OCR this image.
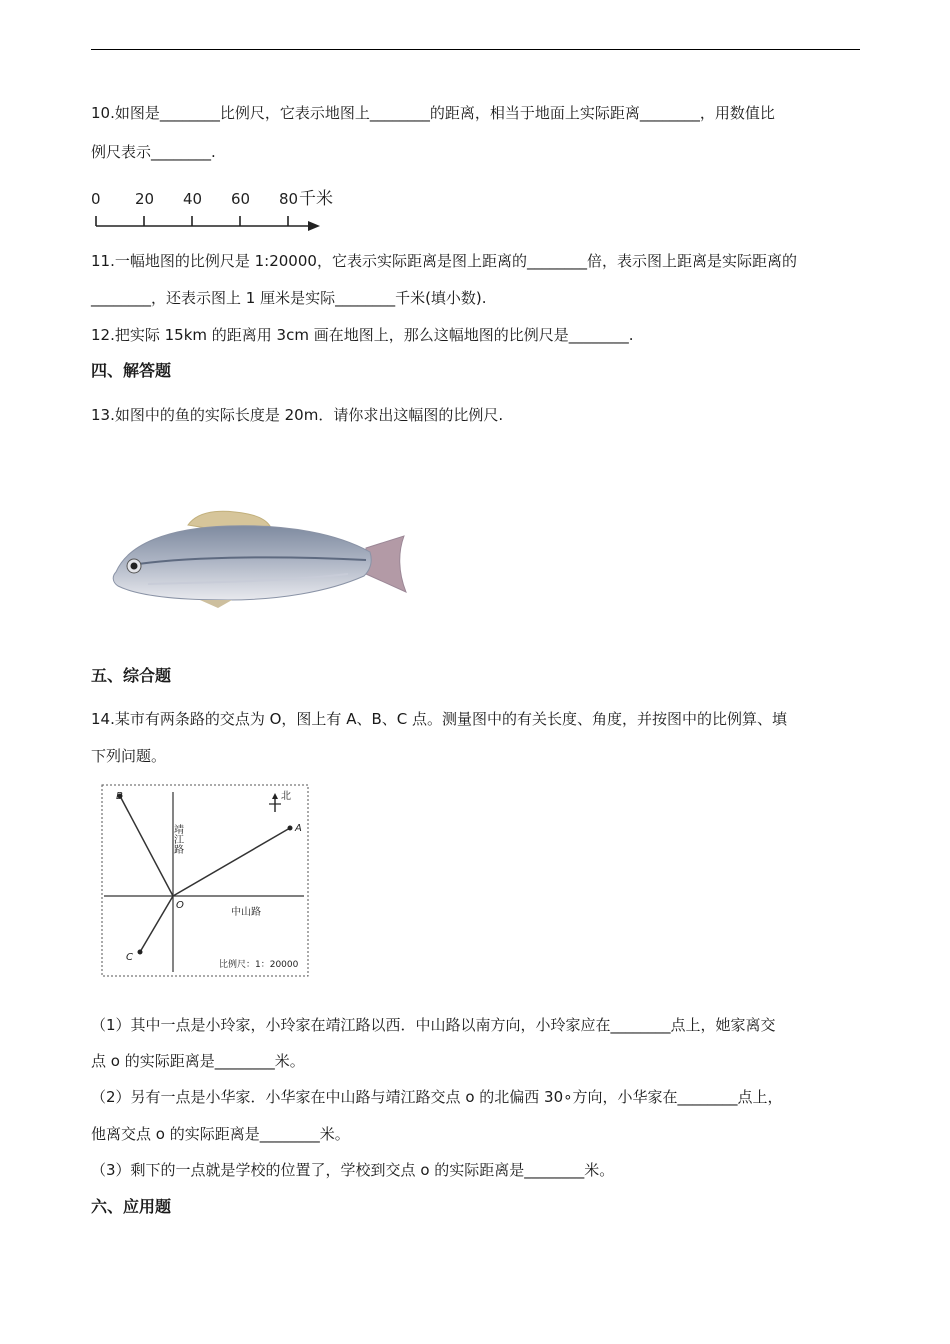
10.如图是________比例尺，它表示地图上________的距离，相当于地面上实际距离________，用数值比
例尺表示________.
0 20 40 60 80 千米
11.一幅地图的比例尺是 1:20000，它表示实际距离是图上距离的________倍，表示图上距离是实际距离的
________，还表示图上 1 厘米是实际________千米(填小数).
12.把实际 15km 的距离用 3cm 画在地图上，那么这幅地图的比例尺是________.
四、解答题
13.如图中的鱼的实际长度是 20m．请你求出这幅图的比例尺.
五、综合题
14.某市有两条路的交点为 O，图上有 A、B、C 点。测量图中的有关长度、角度，并按图中的比例算、填
下列问题。
B
A
C
O
北
靖江路
中山路
比例尺：1：20000
（1）其中一点是小玲家，小玲家在靖江路以西．中山路以南方向，小玲家应在________点上，她家离交
点 o 的实际距离是________米。
（2）另有一点是小华家．小华家在中山路与靖江路交点 o 的北偏西 30∘方向，小华家在________点上，
他离交点 o 的实际距离是________米。
（3）剩下的一点就是学校的位置了，学校到交点 o 的实际距离是________米。
六、应用题
